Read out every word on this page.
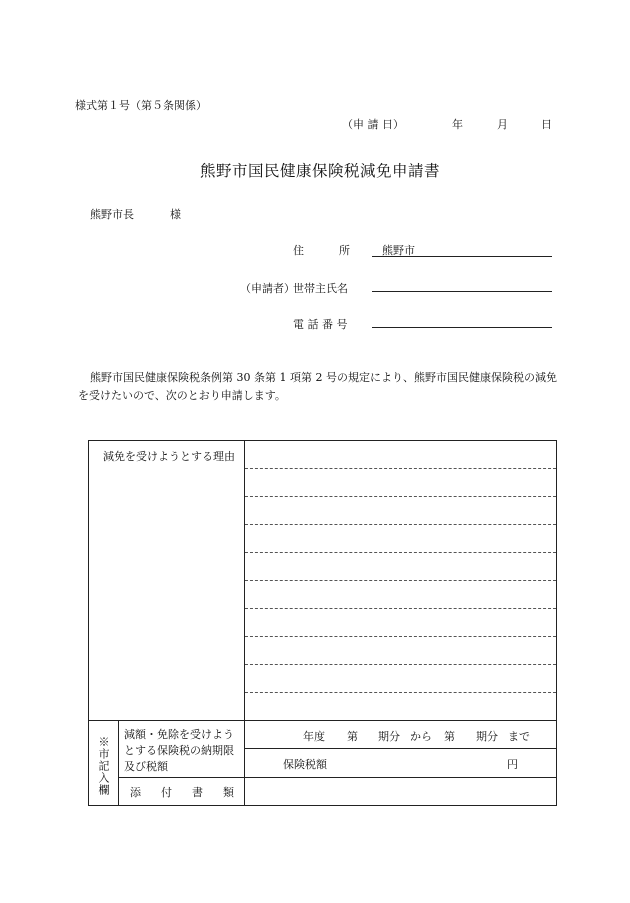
様式第１号（第５条関係）
（申 請 日）	年	月	日
熊野市国民健康保険税減免申請書
熊野市長	様
住	所	熊野市
（申請者）
世帯主氏名
電 話 番 号
熊野市国民健康保険税条例第 30 条第 1 項第 2 号の規定により、熊野市国民健康保険税の減免
を受けたいので、次のとおり申請します。
減免を受けようとする理由
※市記入欄
減額・免除を受けよう
とする保険税の納期限
及び税額
年度 第 期分 から 第 期分 まで
保険税額	円
添 付 書 類
